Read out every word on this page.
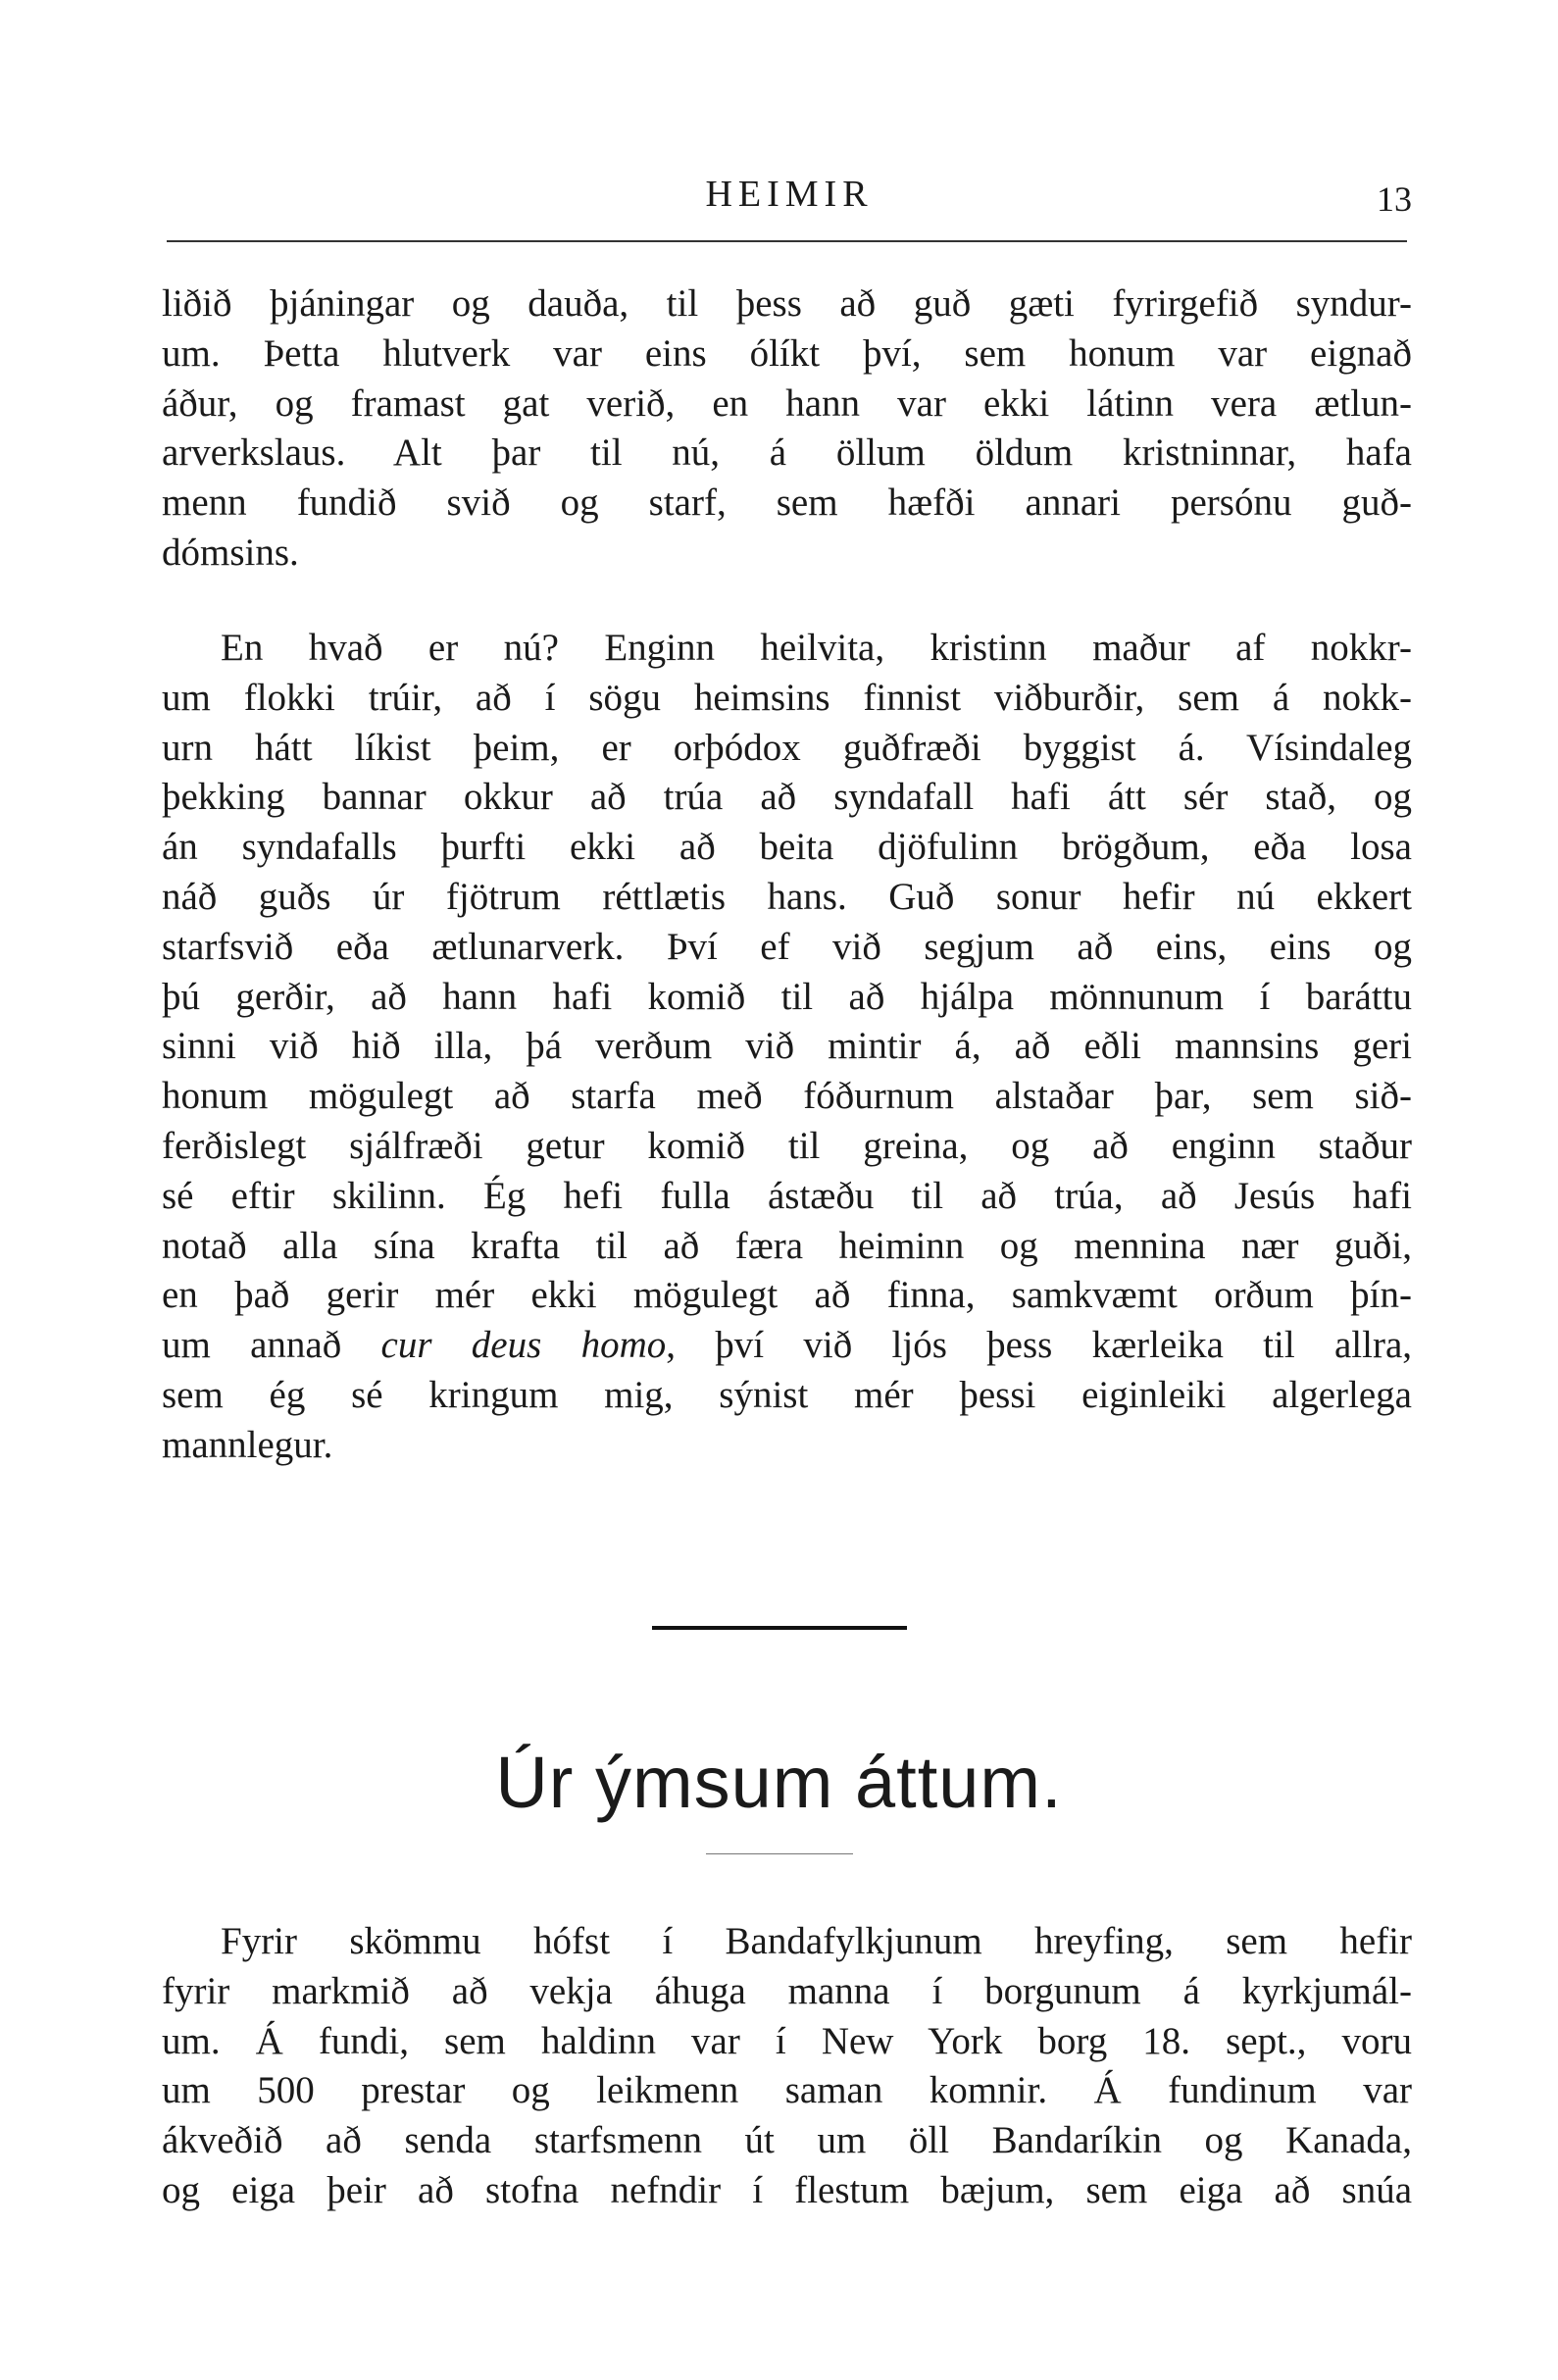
HEIMIR	13
liðið þjáningar og dauða, til þess að guð gæti fyrirgefið syndur-
um. Þetta hlutverk var eins ólíkt því, sem honum var eignað
áður, og framast gat verið, en hann var ekki látinn vera ætlun-
arverkslaus. Alt þar til nú, á öllum öldum kristninnar, hafa
menn fundið svið og starf, sem hæfði annari persónu guð-
dómsins.
En hvað er nú? Enginn heilvita, kristinn maður af nokkr-
um flokki trúir, að í sögu heimsins finnist viðburðir, sem á nokk-
urn hátt líkist þeim, er orþódox guðfræði byggist á. Vísindaleg
þekking bannar okkur að trúa að syndafall hafi átt sér stað, og
án syndafalls þurfti ekki að beita djöfulinn brögðum, eða losa
náð guðs úr fjötrum réttlætis hans. Guð sonur hefir nú ekkert
starfsvið eða ætlunarverk. Því ef við segjum að eins, eins og
þú gerðir, að hann hafi komið til að hjálpa mönnunum í baráttu
sinni við hið illa, þá verðum við mintir á, að eðli mannsins geri
honum mögulegt að starfa með fóðurnum alstaðar þar, sem sið-
ferðislegt sjálfræði getur komið til greina, og að enginn staður
sé eftir skilinn. Ég hefi fulla ástæðu til að trúa, að Jesús hafi
notað alla sína krafta til að færa heiminn og mennina nær guði,
en það gerir mér ekki mögulegt að finna, samkvæmt orðum þín-
um annað cur deus homo, því við ljós þess kærleika til allra,
sem ég sé kringum mig, sýnist mér þessi eiginleiki algerlega
mannlegur.
Úr ýmsum áttum.
Fyrir skömmu hófst í Bandafylkjunum hreyfing, sem hefir
fyrir markmið að vekja áhuga manna í borgunum á kyrkjumál-
um. Á fundi, sem haldinn var í New York borg 18. sept., voru
um 500 prestar og leikmenn saman komnir. Á fundinum var
ákveðið að senda starfsmenn út um öll Bandaríkin og Kanada,
og eiga þeir að stofna nefndir í flestum bæjum, sem eiga að snúa
